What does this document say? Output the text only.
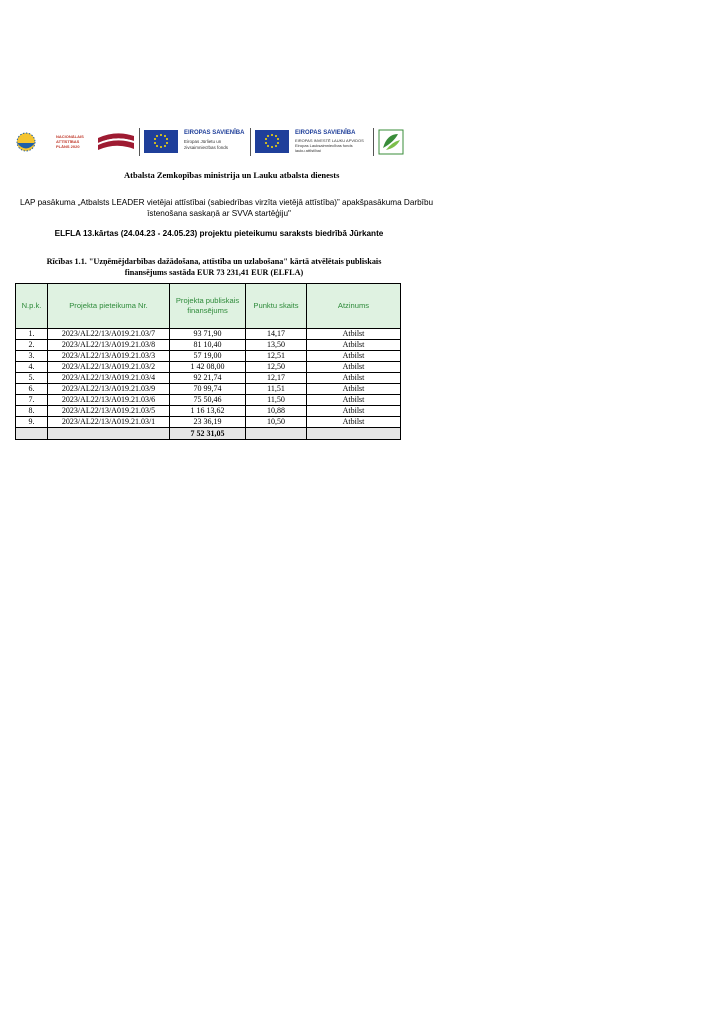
NACIONĀLAIS
ATTĪSTĪBAS
PLĀNS 2020
EIROPAS SAVIENĪBA
Eiropas Jūrlietu un
zivsaimniecības fonds
EIROPAS SAVIENĪBA
EIROPAS INVESTĒ LAUKU APVIDOS
Eiropas Lauksaimniecības fonds
lauku attīstībai
Atbalsta Zemkopības ministrija un Lauku atbalsta dienests
LAP pasākuma „Atbalsts LEADER vietējai attīstībai (sabiedrības virzīta vietējā attīstība)” apakšpasākuma Darbību
īstenošana saskaņā ar SVVA startēģiju"
ELFLA 13.kārtas (24.04.23 - 24.05.23) projektu pieteikumu saraksts biedrībā Jūrkante
Rīcības 1.1. "Uzņēmējdarbības dažādošana, attīstība un uzlabošana" kārtā atvēlētais publiskais
finansējums sastāda EUR 73 231,41 EUR (ELFLA)
N.p.k.	Projekta pieteikuma Nr.	Projekta publiskais finansējums	Punktu skaits	Atzinums
1.	2023/AL22/13/A019.21.03/7	93 71,90	14,17	Atbilst
2.	2023/AL22/13/A019.21.03/8	81 10,40	13,50	Atbilst
3.	2023/AL22/13/A019.21.03/3	57 19,00	12,51	Atbilst
4.	2023/AL22/13/A019.21.03/2	1 42 08,00	12,50	Atbilst
5.	2023/AL22/13/A019.21.03/4	92 21,74	12,17	Atbilst
6.	2023/AL22/13/A019.21.03/9	70 99,74	11,51	Atbilst
7.	2023/AL22/13/A019.21.03/6	75 50,46	11,50	Atbilst
8.	2023/AL22/13/A019.21.03/5	1 16 13,62	10,88	Atbilst
9.	2023/AL22/13/A019.21.03/1	23 36,19	10,50	Atbilst
		7 52 31,05		
